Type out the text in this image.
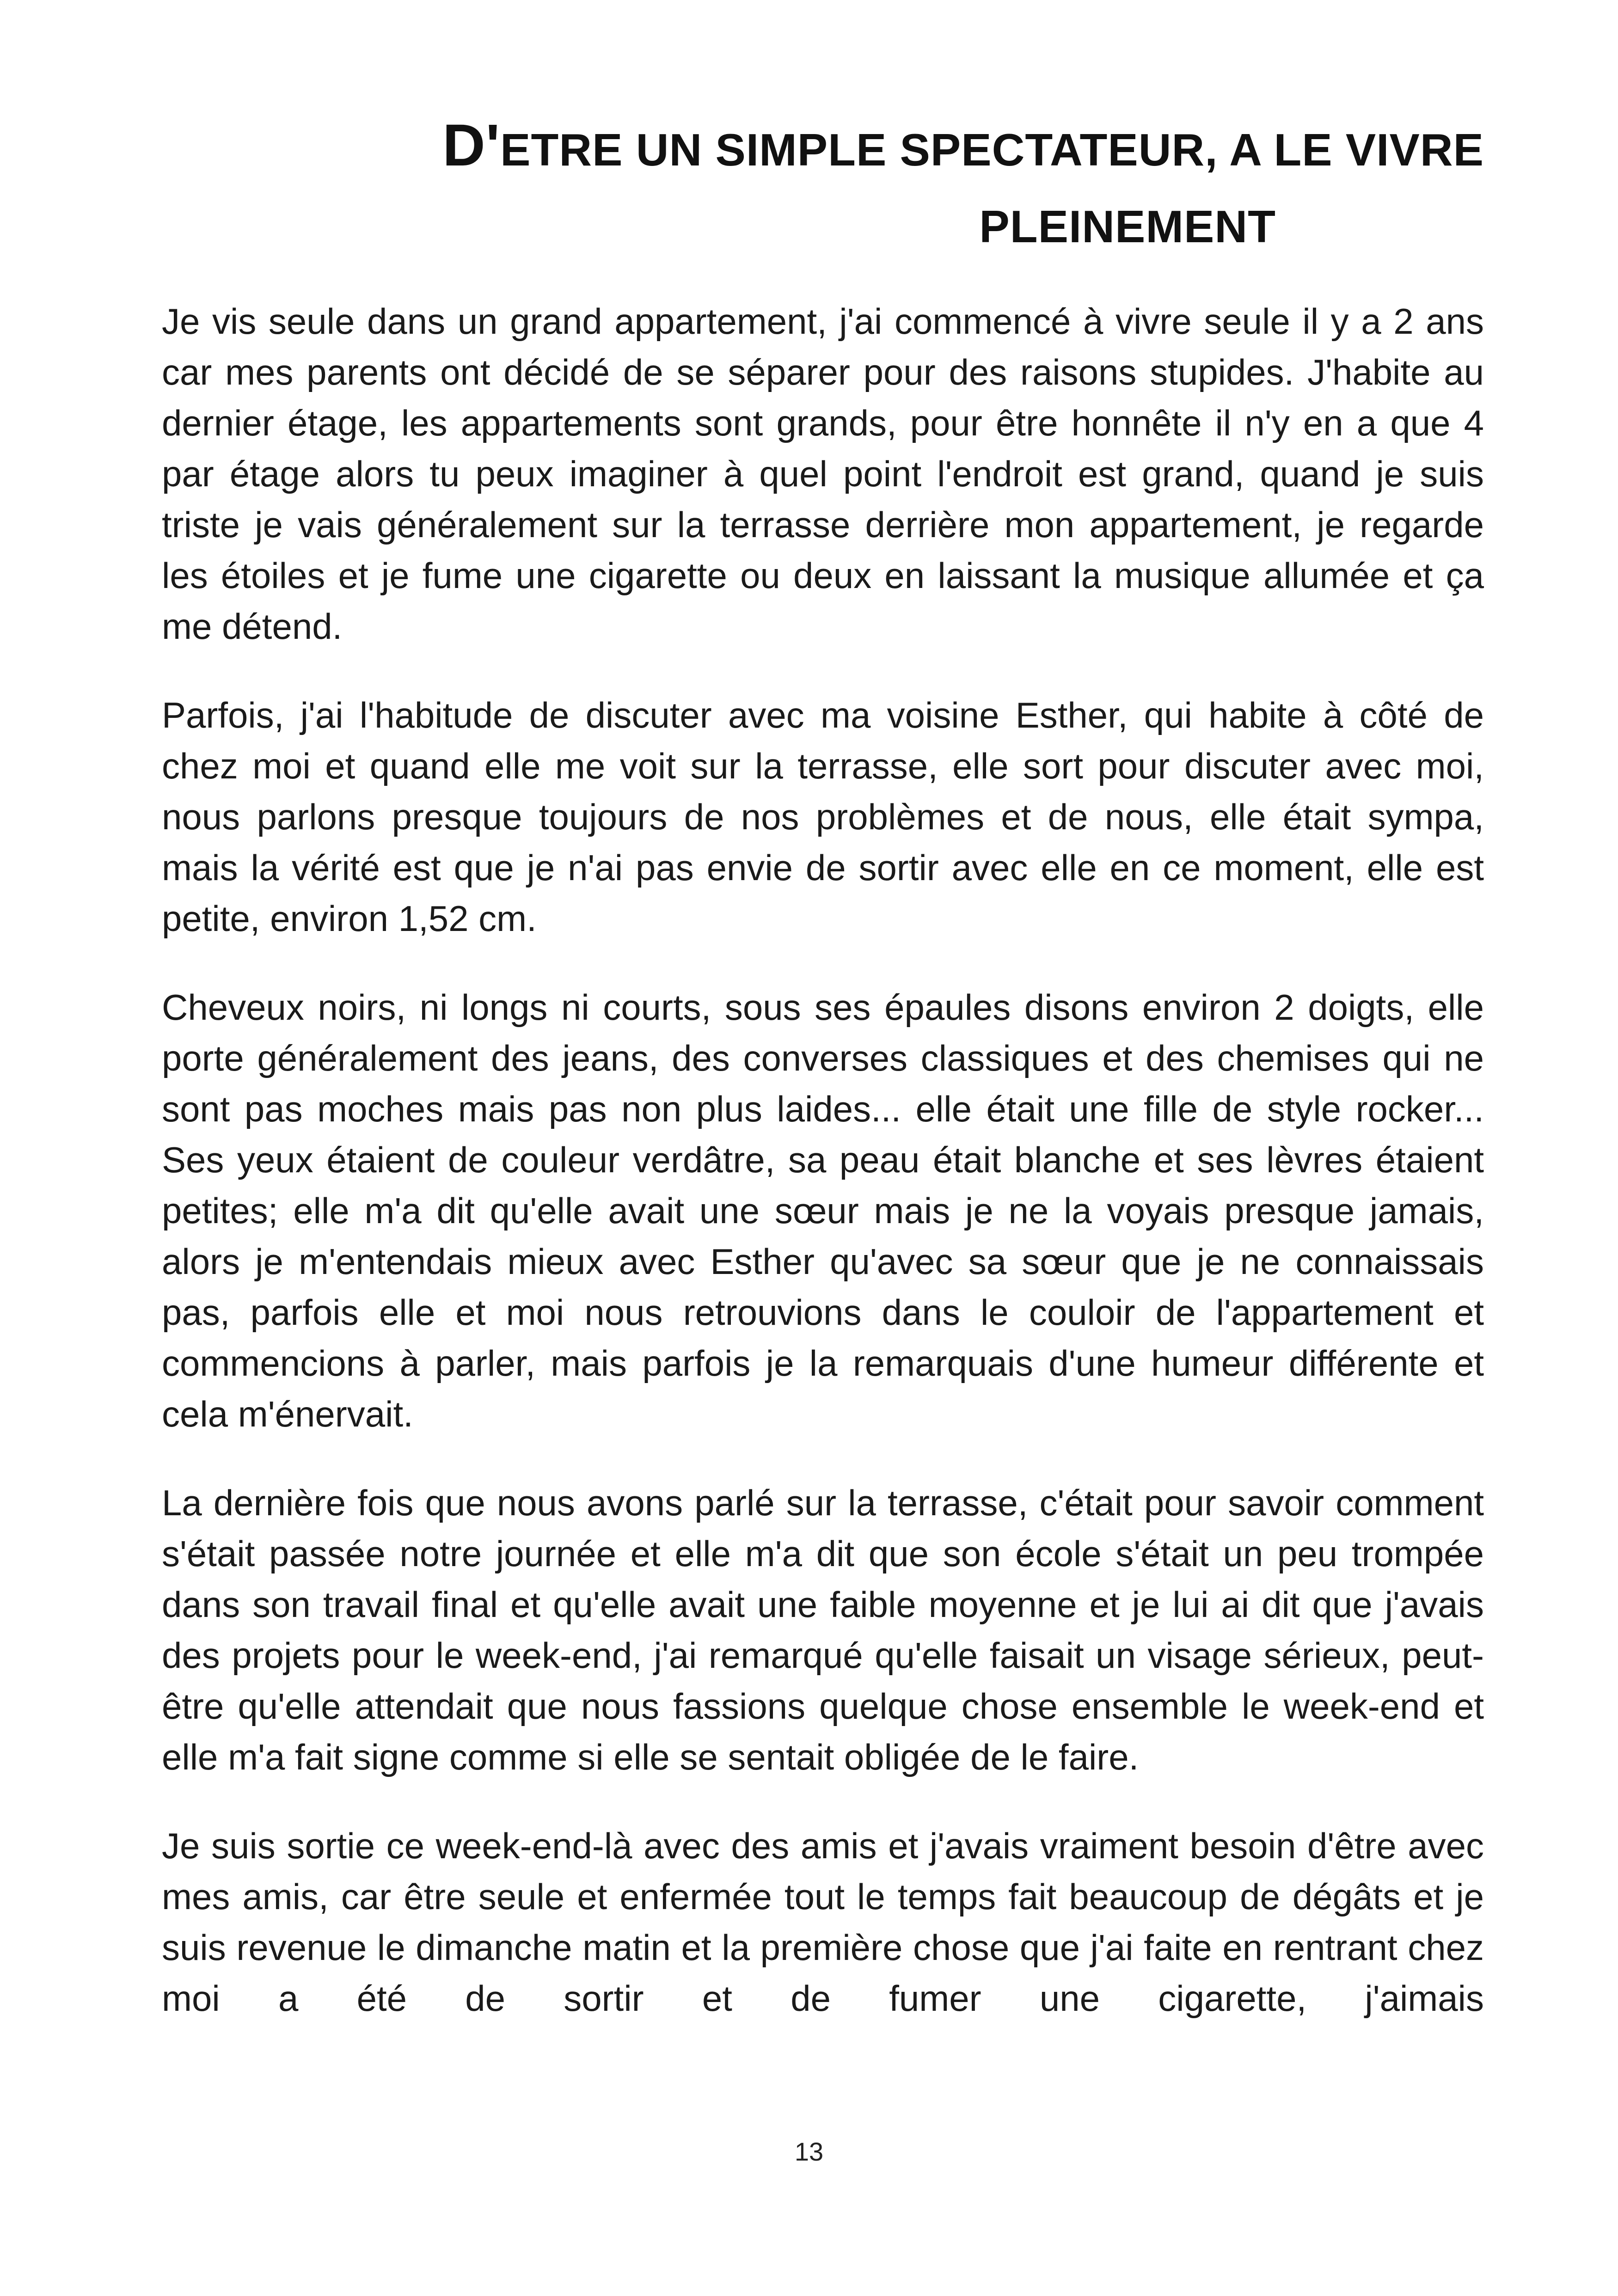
D'ETRE UN SIMPLE SPECTATEUR, A LE VIVRE
PLEINEMENT

Je vis seule dans un grand appartement, j'ai commencé à vivre seule il y a 2 ans car mes parents ont décidé de se séparer pour des raisons stupides. J'habite au dernier étage, les appartements sont grands, pour être honnête il n'y en a que 4 par étage alors tu peux imaginer à quel point l'endroit est grand, quand je suis triste je vais généralement sur la terrasse derrière mon appartement, je regarde les étoiles et je fume une cigarette ou deux en laissant la musique allumée et ça me détend.

Parfois, j'ai l'habitude de discuter avec ma voisine Esther, qui habite à côté de chez moi et quand elle me voit sur la terrasse, elle sort pour discuter avec moi, nous parlons presque toujours de nos problèmes et de nous, elle était sympa, mais la vérité est que je n'ai pas envie de sortir avec elle en ce moment, elle est petite, environ 1,52 cm.

Cheveux noirs, ni longs ni courts, sous ses épaules disons environ 2 doigts, elle porte généralement des jeans, des converses classiques et des chemises qui ne sont pas moches mais pas non plus laides... elle était une fille de style rocker... Ses yeux étaient de couleur verdâtre, sa peau était blanche et ses lèvres étaient petites; elle m'a dit qu'elle avait une sœur mais je ne la voyais presque jamais, alors je m'entendais mieux avec Esther qu'avec sa sœur que je ne connaissais pas, parfois elle et moi nous retrouvions dans le couloir de l'appartement et commencions à parler, mais parfois je la remarquais d'une humeur différente et cela m'énervait.

La dernière fois que nous avons parlé sur la terrasse, c'était pour savoir comment s'était passée notre journée et elle m'a dit que son école s'était un peu trompée dans son travail final et qu'elle avait une faible moyenne et je lui ai dit que j'avais des projets pour le week-end, j'ai remarqué qu'elle faisait un visage sérieux, peut-être qu'elle attendait que nous fassions quelque chose ensemble le week-end et elle m'a fait signe comme si elle se sentait obligée de le faire.

Je suis sortie ce week-end-là avec des amis et j'avais vraiment besoin d'être avec mes amis, car être seule et enfermée tout le temps fait beaucoup de dégâts et je suis revenue le dimanche matin et la première chose que j'ai faite en rentrant chez moi a été de sortir et de fumer une cigarette, j'aimais

13
